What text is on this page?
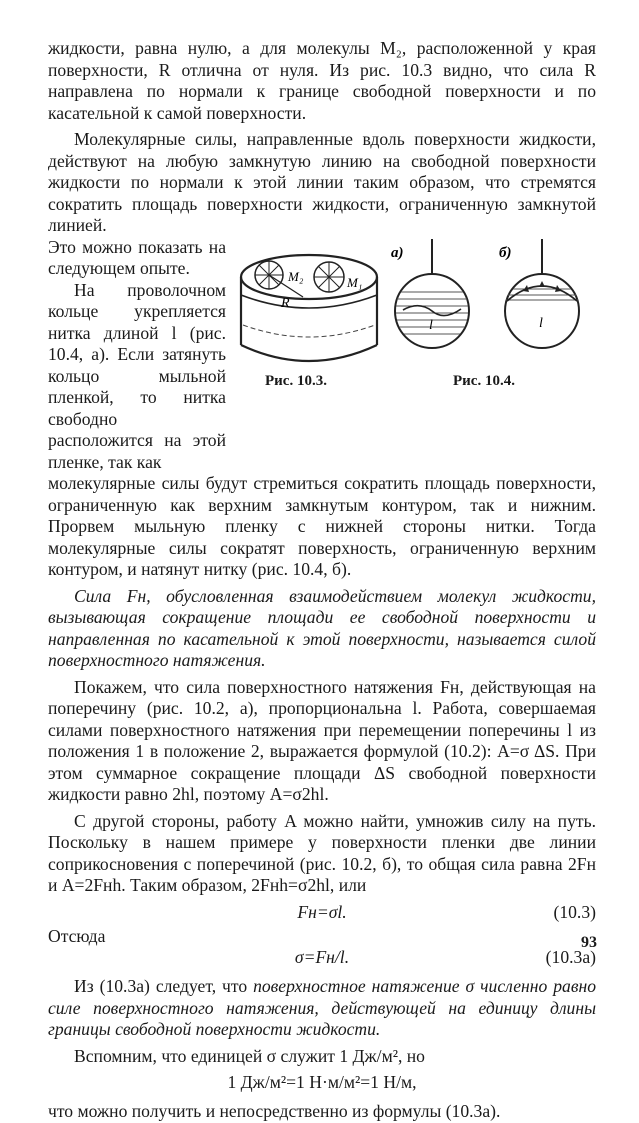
жидкости, равна нулю, а для молекулы M₂, расположенной у края поверхности, R отлична от нуля. Из рис. 10.3 видно, что сила R направлена по нормали к границе свободной поверхности и по касательной к самой поверхности.

Молекулярные силы, направленные вдоль поверхности жидкости, действуют на любую замкнутую линию на свободной поверхности жидкости по нормали к этой линии таким образом, что стремятся сократить площадь поверхности жидкости, ограниченную замкнутой линией.

Это можно показать на следующем опыте.

На проволочном кольце укрепляется нитка длиной l (рис. 10.4, a). Если затянуть кольцо мыльной пленкой, то нитка свободно расположится на этой пленке, так как

M₂	M₁
R
а)
l
б)
l
Рис. 10.3.	Рис. 10.4.

молекулярные силы будут стремиться сократить площадь поверхности, ограниченную как верхним замкнутым контуром, так и нижним. Прорвем мыльную пленку с нижней стороны нитки. Тогда молекулярные силы сократят поверхность, ограниченную верхним контуром, и натянут нитку (рис. 10.4, б).

Сила Fн, обусловленная взаимодействием молекул жидкости, вызывающая сокращение площади ее свободной поверхности и направленная по касательной к этой поверхности, называется силой поверхностного натяжения.

Покажем, что сила поверхностного натяжения Fн, действующая на поперечину (рис. 10.2, a), пропорциональна l. Работа, совершаемая силами поверхностного натяжения при перемещении поперечины l из положения 1 в положение 2, выражается формулой (10.2): A=σ ΔS. При этом суммарное сокращение площади ΔS свободной поверхности жидкости равно 2hl, поэтому A=σ2hl.

С другой стороны, работу A можно найти, умножив силу на путь. Поскольку в нашем примере у поверхности пленки две линии соприкосновения с поперечиной (рис. 10.2, б), то общая сила равна 2Fн и A=2Fнh. Таким образом, 2Fнh=σ2hl, или

Fн=σl.	(10.3)

Отсюда

σ=Fн/l.	(10.3а)

Из (10.3а) следует, что поверхностное натяжение σ численно равно силе поверхностного натяжения, действующей на единицу длины границы свободной поверхности жидкости.

Вспомним, что единицей σ служит 1 Дж/м², но

1 Дж/м²=1 Н·м/м²=1 Н/м,

что можно получить и непосредственно из формулы (10.3а).

93
